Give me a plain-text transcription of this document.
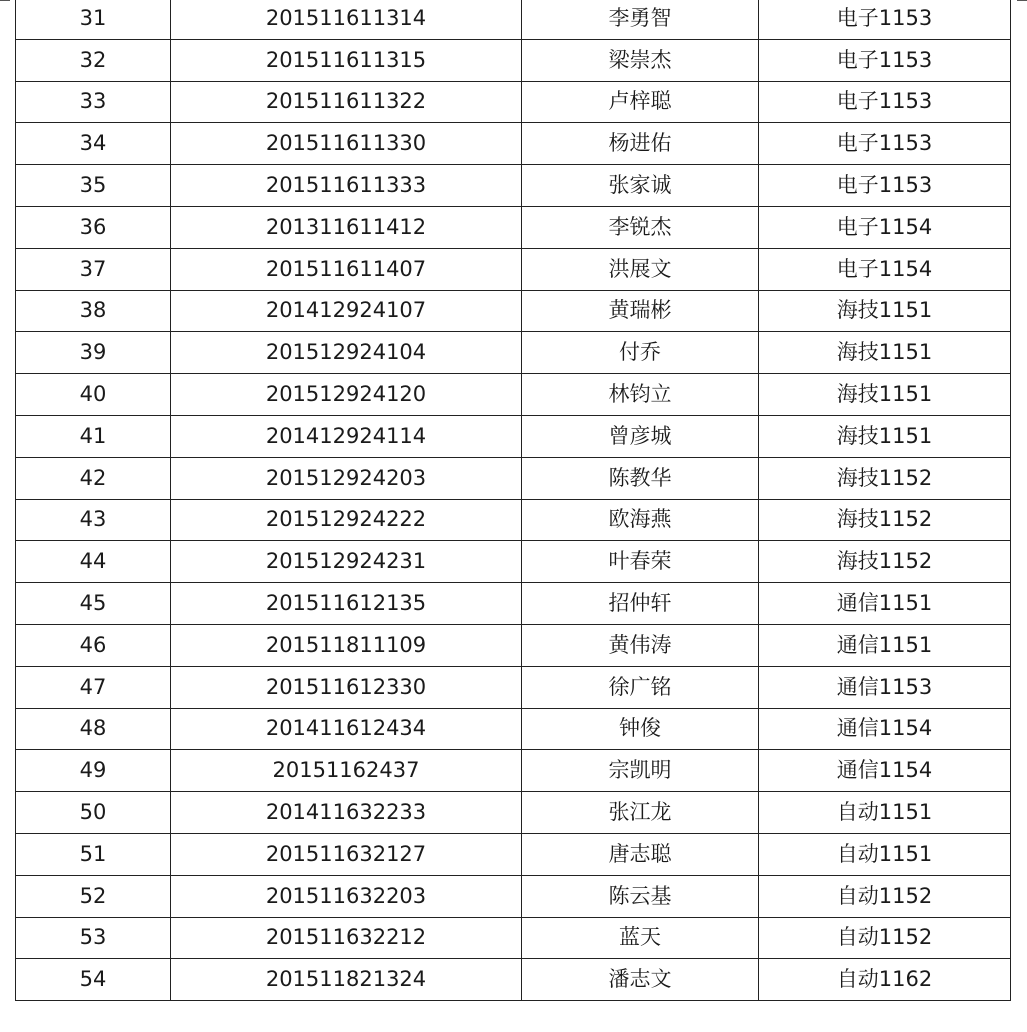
31	201511611314	李勇智	电子1153
32	201511611315	梁崇杰	电子1153
33	201511611322	卢梓聪	电子1153
34	201511611330	杨进佑	电子1153
35	201511611333	张家诚	电子1153
36	201311611412	李锐杰	电子1154
37	201511611407	洪展文	电子1154
38	201412924107	黄瑞彬	海技1151
39	201512924104	付乔	海技1151
40	201512924120	林钧立	海技1151
41	201412924114	曾彦城	海技1151
42	201512924203	陈教华	海技1152
43	201512924222	欧海燕	海技1152
44	201512924231	叶春荣	海技1152
45	201511612135	招仲轩	通信1151
46	201511811109	黄伟涛	通信1151
47	201511612330	徐广铭	通信1153
48	201411612434	钟俊	通信1154
49	20151162437	宗凯明	通信1154
50	201411632233	张江龙	自动1151
51	201511632127	唐志聪	自动1151
52	201511632203	陈云基	自动1152
53	201511632212	蓝天	自动1152
54	201511821324	潘志文	自动1162
